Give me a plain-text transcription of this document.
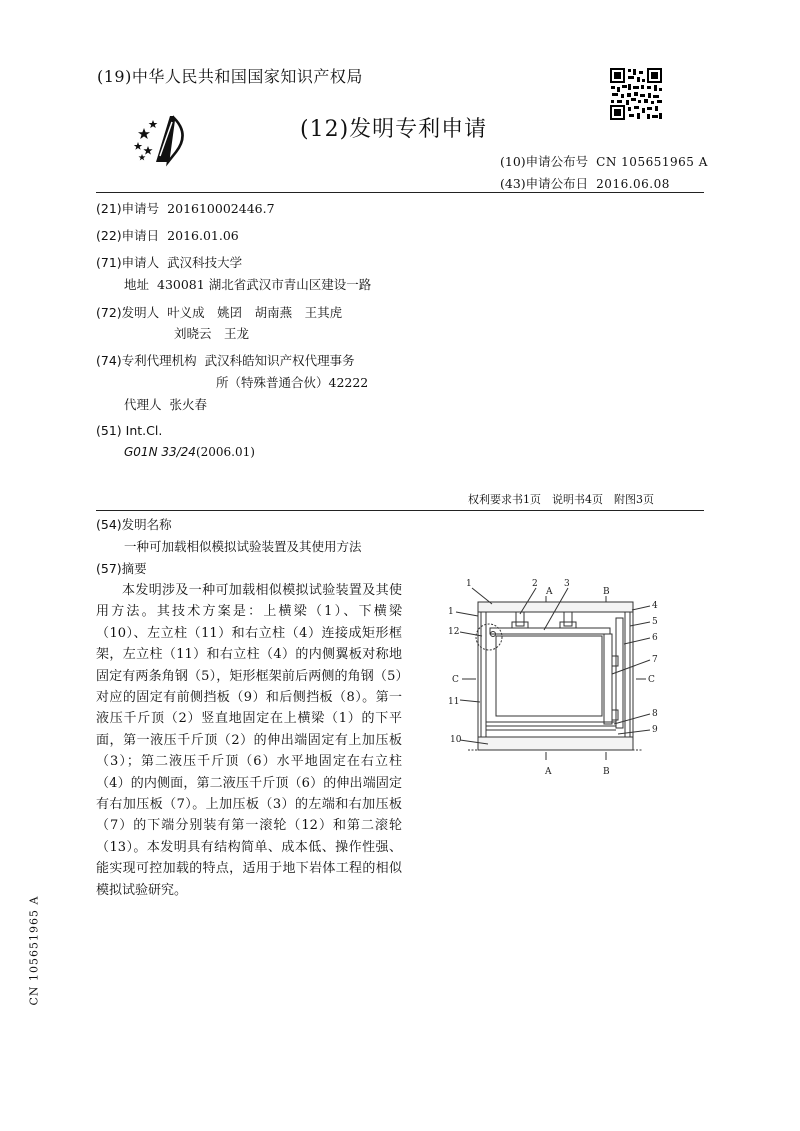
(19)中华人民共和国国家知识产权局
(12)发明专利申请
(10)申请公布号 CN 105651965 A
(43)申请公布日 2016.06.08
(21)申请号 201610002446.7
(22)申请日 2016.01.06
(71)申请人 武汉科技大学
地址 430081 湖北省武汉市青山区建设一路
(72)发明人 叶义成　姚囝　胡南燕　王其虎
刘晓云　王龙
(74)专利代理机构 武汉科皓知识产权代理事务
所（特殊普通合伙）42222
代理人 张火春
(51) Int.Cl.
G01N 33/24(2006.01)
权利要求书1页　说明书4页　附图3页
(54)发明名称
一种可加载相似模拟试验装置及其使用方法
(57)摘要
本发明涉及一种可加载相似模拟试验装置及其使用方法。其技术方案是：上横梁（1）、下横梁（10）、左立柱（11）和右立柱（4）连接成矩形框架，左立柱（11）和右立柱（4）的内侧翼板对称地固定有两条角钢（5），矩形框架前后两侧的角钢（5）对应的固定有前侧挡板（9）和后侧挡板（8）。第一液压千斤顶（2）竖直地固定在上横梁（1）的下平面，第一液压千斤顶（2）的伸出端固定有上加压板（3）；第二液压千斤顶（6）水平地固定在右立柱（4）的内侧面，第二液压千斤顶（6）的伸出端固定有右加压板（7）。上加压板（3）的左端和右加压板（7）的下端分别装有第一滚轮（12）和第二滚轮（13）。本发明具有结构简单、成本低、操作性强、能实现可控加载的特点，适用于地下岩体工程的相似模拟试验研究。
1
1
12
C
11
10
2	3
A	B
4
5
6
7
C
8
9
A	B
CN 105651965 A
